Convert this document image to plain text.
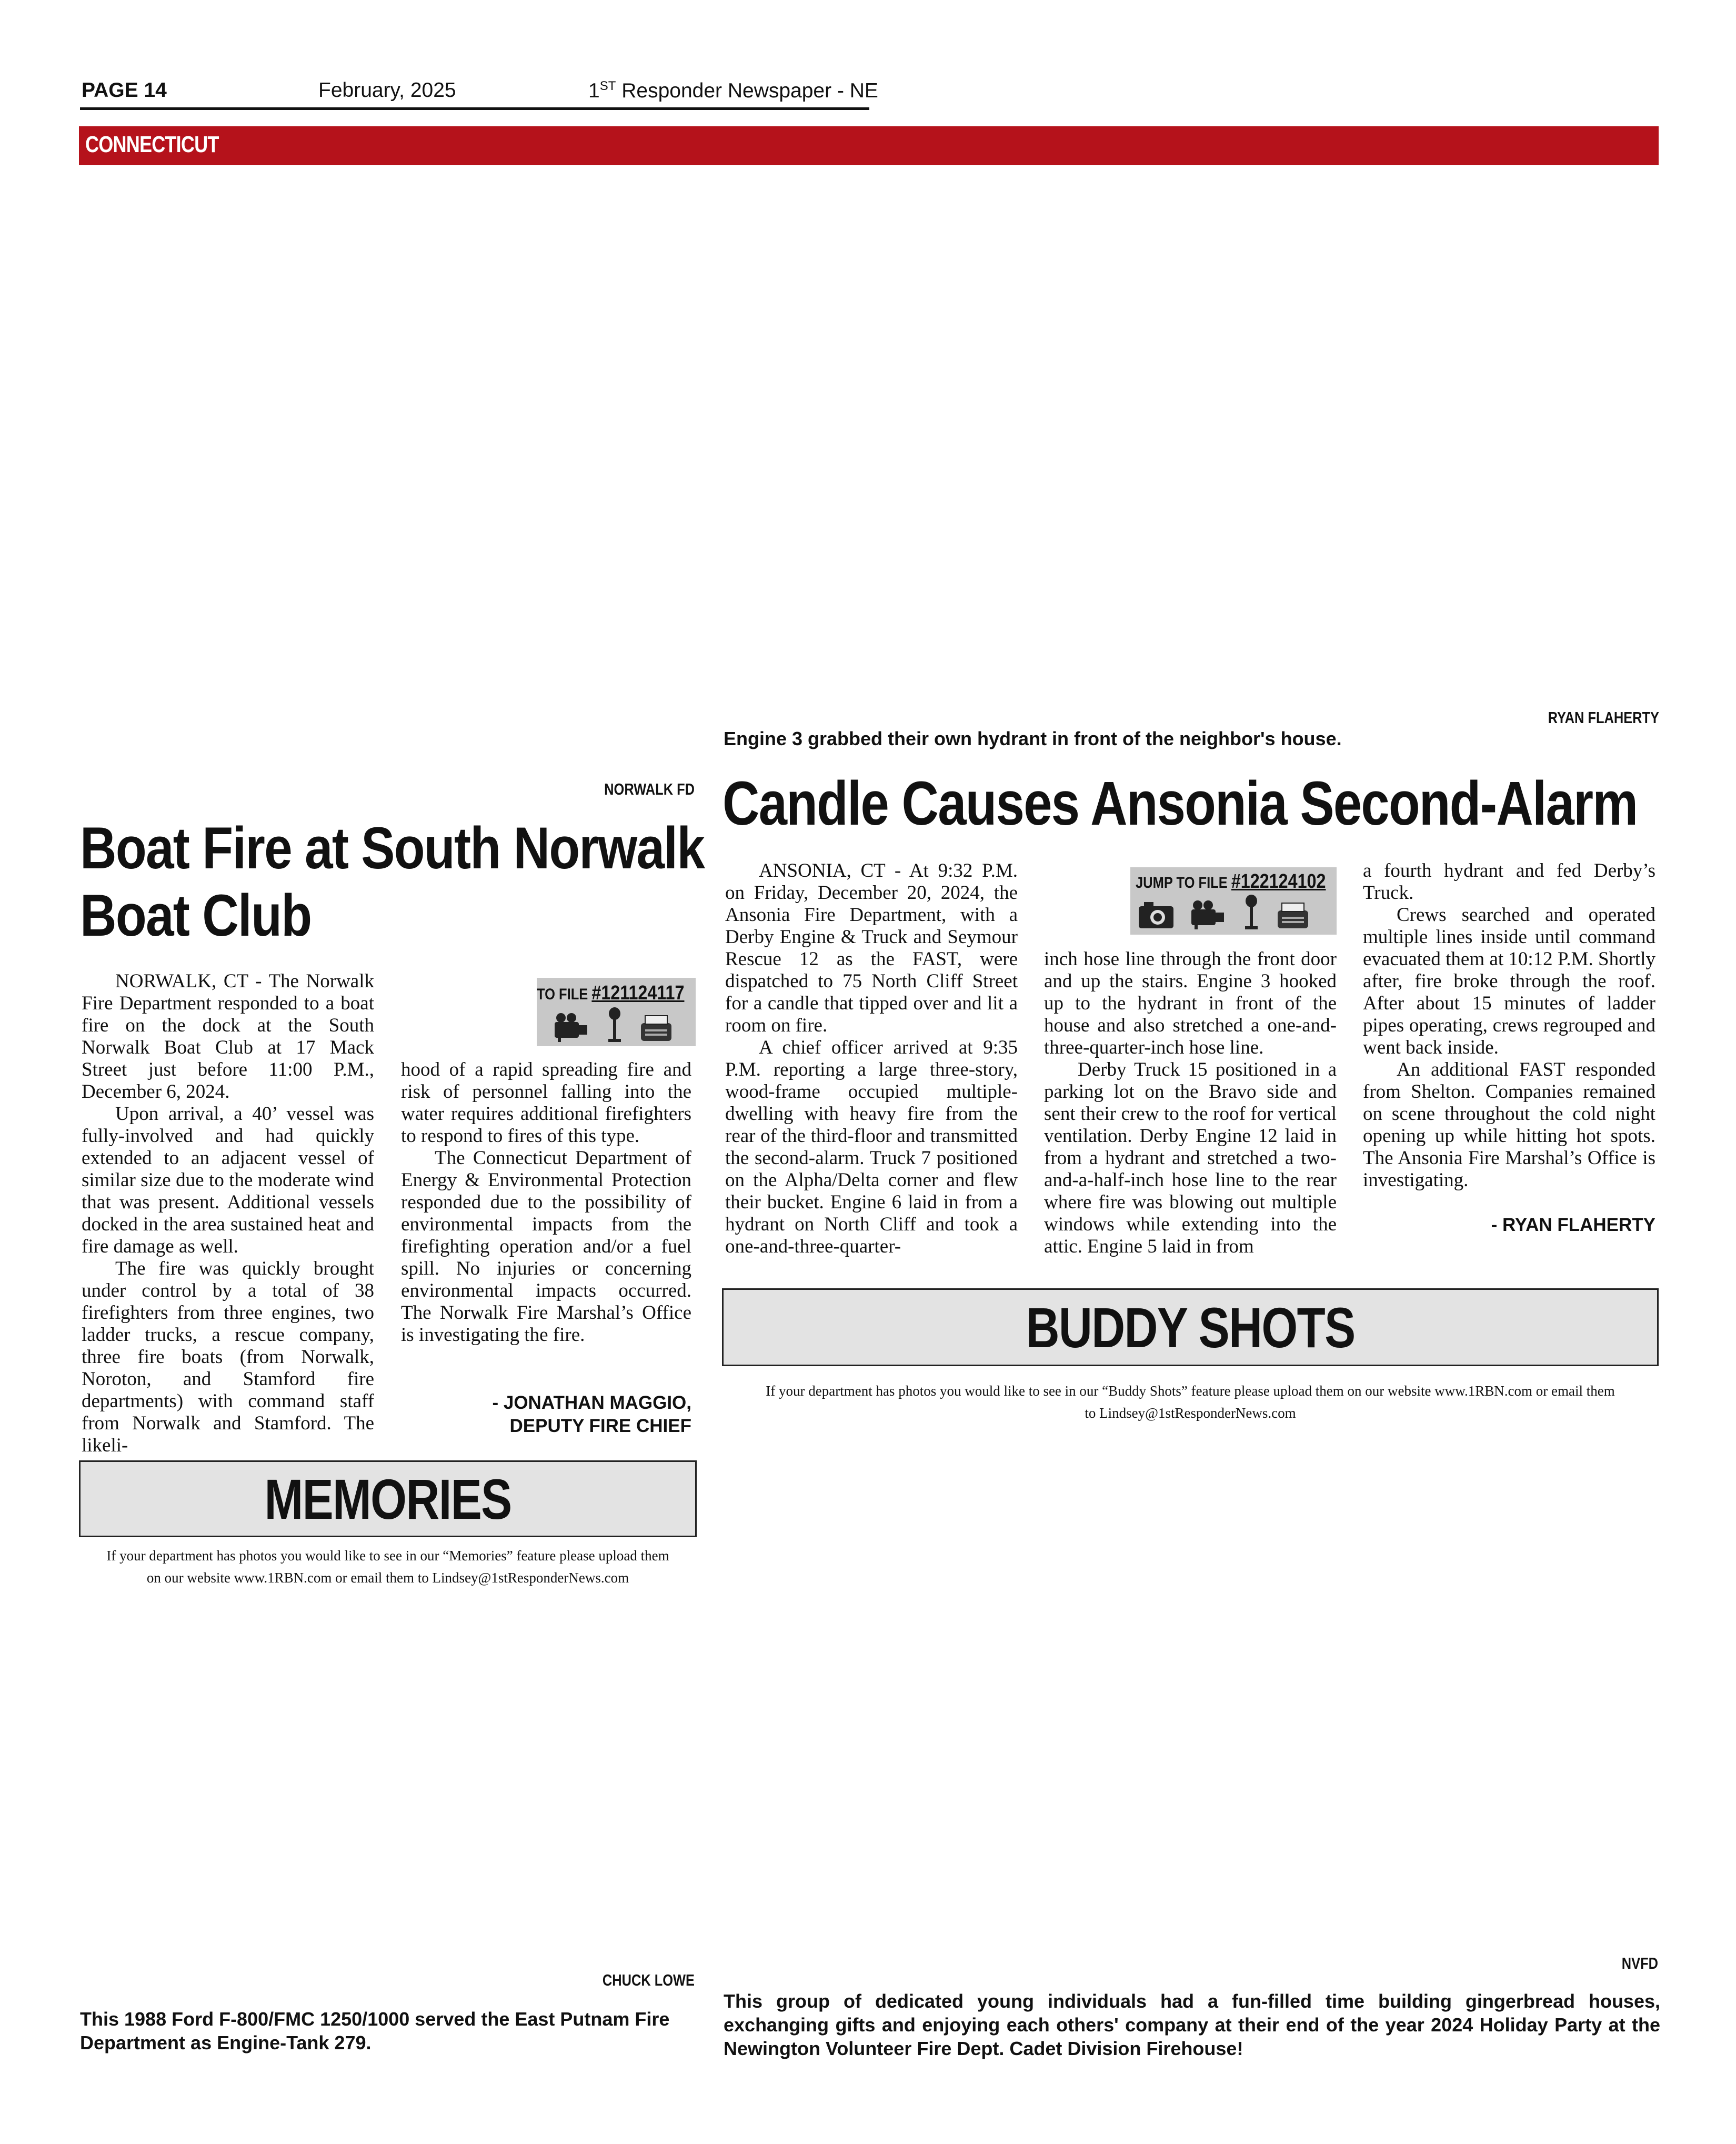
PAGE 14	February, 2025	1ST Responder Newspaper - NE
CONNECTICUT
RYAN FLAHERTY
Engine 3 grabbed their own hydrant in front of the neighbor's house.
NORWALK FD
Boat Fire at South Norwalk
Boat Club
TO FILE #121124117

NORWALK, CT - The Norwalk Fire Department responded to a boat fire on the dock at the South Norwalk Boat Club at 17 Mack Street just before 11:00 P.M., December 6, 2024.

Upon arrival, a 40’ vessel was fully-involved and had quickly extended to an adjacent vessel of similar size due to the moderate wind that was present. Additional vessels docked in the area sustained heat and fire damage as well.

The fire was quickly brought under control by a total of 38 firefighters from three engines, two ladder trucks, a rescue company, three fire boats (from Norwalk, Noroton, and Stamford fire departments) with command staff from Norwalk and Stamford. The likeli-

hood of a rapid spreading fire and risk of personnel falling into the water requires additional firefighters to respond to fires of this type.

The Connecticut Department of Energy & Environmental Protection responded due to the possibility of environmental impacts from the firefighting operation and/or a fuel spill. No injuries or concerning environmental impacts occurred. The Norwalk Fire Marshal’s Office is investigating the fire.

- JONATHAN MAGGIO,
DEPUTY FIRE CHIEF
MEMORIES
If your department has photos you would like to see in our “Memories” feature please upload them
on our website www.1RBN.com or email them to Lindsey@1stResponderNews.com
Candle Causes Ansonia Second-Alarm
JUMP TO FILE #122124102

ANSONIA, CT - At 9:32 P.M. on Friday, December 20, 2024, the Ansonia Fire Department, with a Derby Engine & Truck and Seymour Rescue 12 as the FAST, were dispatched to 75 North Cliff Street for a candle that tipped over and lit a room on fire.

A chief officer arrived at 9:35 P.M. reporting a large three-story, wood-frame occupied multiple-dwelling with heavy fire from the rear of the third-floor and transmitted the second-alarm. Truck 7 positioned on the Alpha/Delta corner and flew their bucket. Engine 6 laid in from a hydrant on North Cliff and took a one-and-three-quarter-

inch hose line through the front door and up the stairs. Engine 3 hooked up to the hydrant in front of the house and also stretched a one-and-three-quarter-inch hose line.

Derby Truck 15 positioned in a parking lot on the Bravo side and sent their crew to the roof for vertical ventilation. Derby Engine 12 laid in from a hydrant and stretched a two-and-a-half-inch hose line to the rear where fire was blowing out multiple windows while extending into the attic. Engine 5 laid in from

a fourth hydrant and fed Derby’s Truck.

Crews searched and operated multiple lines inside until command evacuated them at 10:12 P.M. Shortly after, fire broke through the roof. After about 15 minutes of ladder pipes operating, crews regrouped and went back inside.

An additional FAST responded from Shelton. Companies remained on scene throughout the cold night opening up while hitting hot spots. The Ansonia Fire Marshal’s Office is investigating.

- RYAN FLAHERTY
BUDDY SHOTS
If your department has photos you would like to see in our “Buddy Shots” feature please upload them on our website www.1RBN.com or email them
to Lindsey@1stResponderNews.com
CHUCK LOWE
This 1988 Ford F-800/FMC 1250/1000 served the East Putnam Fire Department as Engine-Tank 279.
NVFD
This group of dedicated young individuals had a fun-filled time building gingerbread houses, exchanging gifts and enjoying each others' company at their end of the year 2024 Holiday Party at the Newington Volunteer Fire Dept. Cadet Division Firehouse!
